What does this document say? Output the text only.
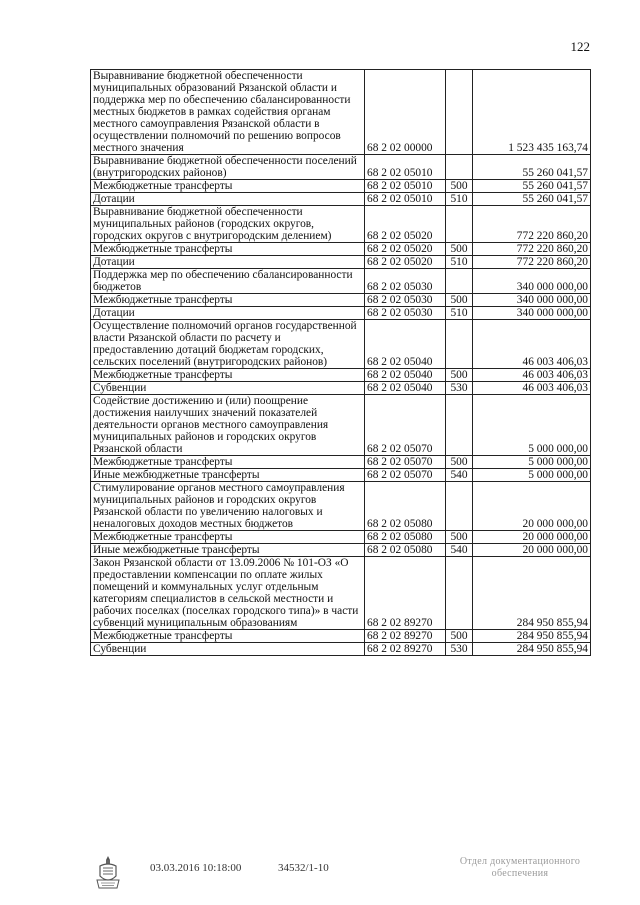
122
Выравнивание бюджетной обеспеченности муниципальных образований Рязанской области и поддержка мер по обеспечению сбалансированности местных бюджетов в рамках содействия органам местного самоуправления Рязанской области в осуществлении полномочий по решению вопросов местного значения	68 2 02 00000		1 523 435 163,74
Выравнивание бюджетной обеспеченности поселений (внутригородских районов)	68 2 02 05010		55 260 041,57
Межбюджетные трансферты	68 2 02 05010	500	55 260 041,57
Дотации	68 2 02 05010	510	55 260 041,57
Выравнивание бюджетной обеспеченности муниципальных районов (городских округов, городских округов с внутригородским делением)	68 2 02 05020		772 220 860,20
Межбюджетные трансферты	68 2 02 05020	500	772 220 860,20
Дотации	68 2 02 05020	510	772 220 860,20
Поддержка мер по обеспечению сбалансированности бюджетов	68 2 02 05030		340 000 000,00
Межбюджетные трансферты	68 2 02 05030	500	340 000 000,00
Дотации	68 2 02 05030	510	340 000 000,00
Осуществление полномочий органов государственной власти Рязанской области по расчету и предоставлению дотаций бюджетам городских, сельских поселений (внутригородских районов)	68 2 02 05040		46 003 406,03
Межбюджетные трансферты	68 2 02 05040	500	46 003 406,03
Субвенции	68 2 02 05040	530	46 003 406,03
Содействие достижению и (или) поощрение достижения наилучших значений показателей деятельности органов местного самоуправления муниципальных районов и городских округов Рязанской области	68 2 02 05070		5 000 000,00
Межбюджетные трансферты	68 2 02 05070	500	5 000 000,00
Иные межбюджетные трансферты	68 2 02 05070	540	5 000 000,00
Стимулирование органов местного самоуправления муниципальных районов и городских округов Рязанской области по увеличению налоговых и неналоговых доходов местных бюджетов	68 2 02 05080		20 000 000,00
Межбюджетные трансферты	68 2 02 05080	500	20 000 000,00
Иные межбюджетные трансферты	68 2 02 05080	540	20 000 000,00
Закон Рязанской области от 13.09.2006 № 101-ОЗ «О предоставлении компенсации по оплате жилых помещений и коммунальных услуг отдельным категориям специалистов в сельской местности и рабочих поселках (поселках городского типа)» в части субвенций муниципальным образованиям	68 2 02 89270		284 950 855,94
Межбюджетные трансферты	68 2 02 89270	500	284 950 855,94
Субвенции	68 2 02 89270	530	284 950 855,94
03.03.2016 10:18:00	34532/1-10
Отдел документационного
обеспечения
